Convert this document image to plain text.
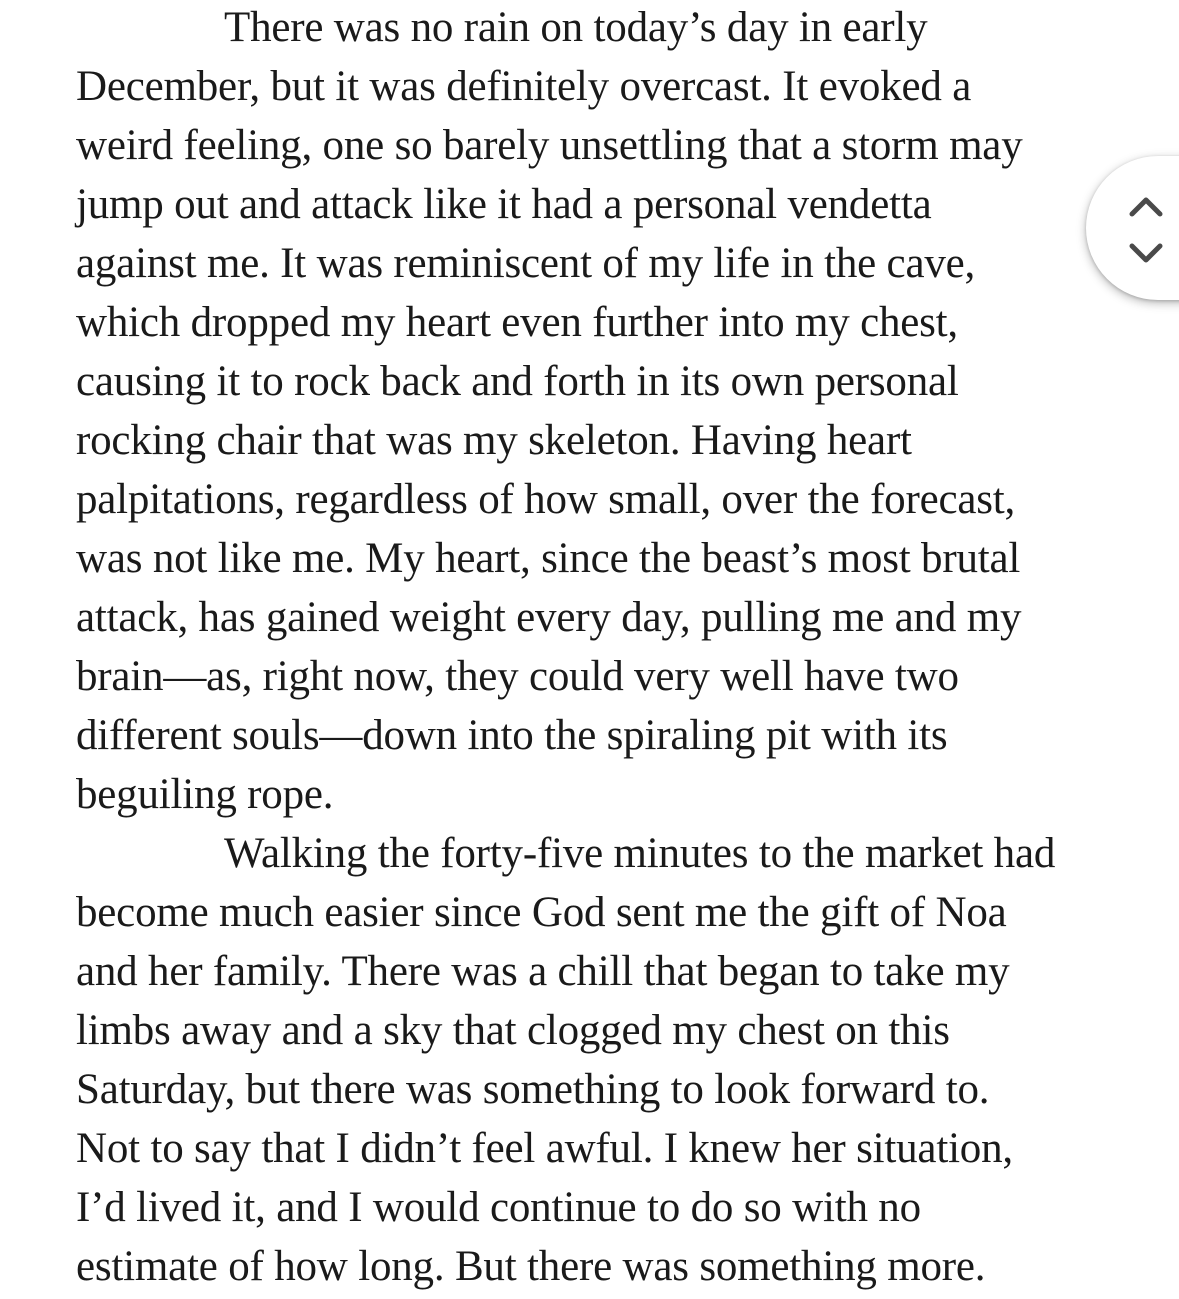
There was no rain on today’s day in early
December, but it was definitely overcast. It evoked a
weird feeling, one so barely unsettling that a storm may
jump out and attack like it had a personal vendetta
against me. It was reminiscent of my life in the cave,
which dropped my heart even further into my chest,
causing it to rock back and forth in its own personal
rocking chair that was my skeleton. Having heart
palpitations, regardless of how small, over the forecast,
was not like me. My heart, since the beast’s most brutal
attack, has gained weight every day, pulling me and my
brain—as, right now, they could very well have two
different souls—down into the spiraling pit with its
beguiling rope.
Walking the forty-five minutes to the market had
become much easier since God sent me the gift of Noa
and her family. There was a chill that began to take my
limbs away and a sky that clogged my chest on this
Saturday, but there was something to look forward to.
Not to say that I didn’t feel awful. I knew her situation,
I’d lived it, and I would continue to do so with no
estimate of how long. But there was something more.
